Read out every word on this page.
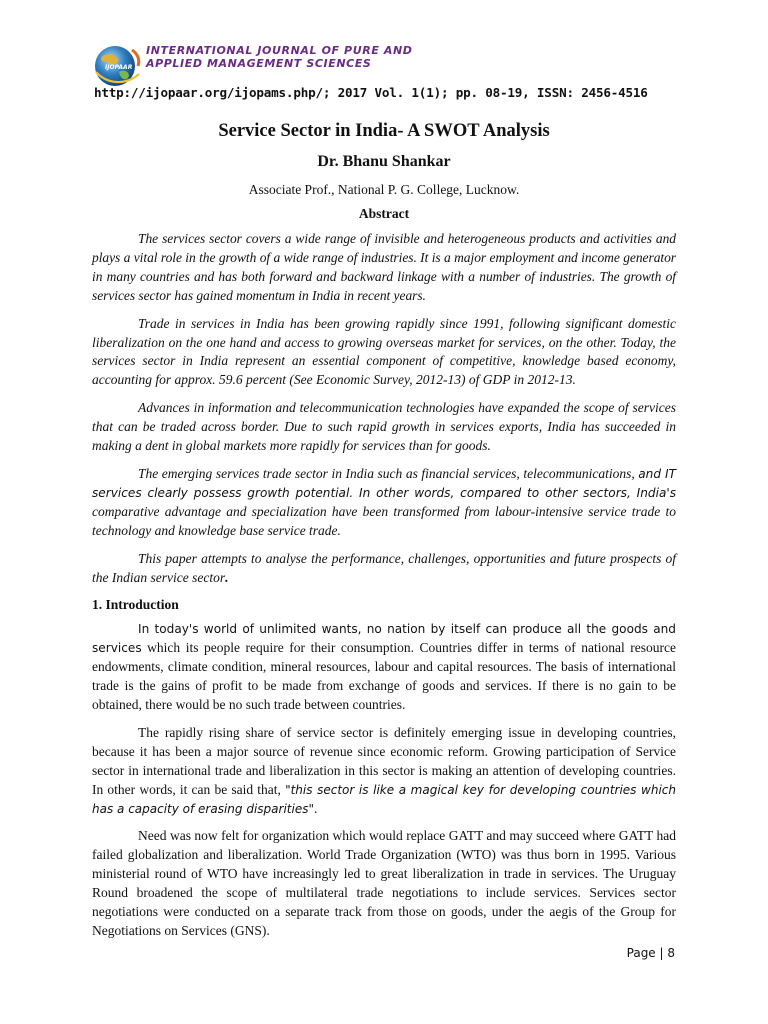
IJOPAAR
INTERNATIONAL JOURNAL OF PURE AND
APPLIED MANAGEMENT SCIENCES
http://ijopaar.org/ijopams.php/; 2017 Vol. 1(1); pp. 08-19, ISSN: 2456-4516
Service Sector in India- A SWOT Analysis
Dr. Bhanu Shankar
Associate Prof., National P. G. College, Lucknow.
Abstract

The services sector covers a wide range of invisible and heterogeneous products and activities and plays a vital role in the growth of a wide range of industries. It is a major employment and income generator in many countries and has both forward and backward linkage with a number of industries. The growth of services sector has gained momentum in India in recent years.

Trade in services in India has been growing rapidly since 1991, following significant domestic liberalization on the one hand and access to growing overseas market for services, on the other. Today, the services sector in India represent an essential component of competitive, knowledge based economy, accounting for approx. 59.6 percent (See Economic Survey, 2012-13) of GDP in 2012-13.

Advances in information and telecommunication technologies have expanded the scope of services that can be traded across border. Due to such rapid growth in services exports, India has succeeded in making a dent in global markets more rapidly for services than for goods.

The emerging services trade sector in India such as financial services, telecommunications, and IT services clearly possess growth potential. In other words, compared to other sectors, India's comparative advantage and specialization have been transformed from labour-intensive service trade to technology and knowledge base service trade.

This paper attempts to analyse the performance, challenges, opportunities and future prospects of the Indian service sector.

1. Introduction

In today's world of unlimited wants, no nation by itself can produce all the goods and services which its people require for their consumption. Countries differ in terms of national resource endowments, climate condition, mineral resources, labour and capital resources. The basis of international trade is the gains of profit to be made from exchange of goods and services. If there is no gain to be obtained, there would be no such trade between countries.

The rapidly rising share of service sector is definitely emerging issue in developing countries, because it has been a major source of revenue since economic reform. Growing participation of Service sector in international trade and liberalization in this sector is making an attention of developing countries. In other words, it can be said that, "this sector is like a magical key for developing countries which has a capacity of erasing disparities".

Need was now felt for organization which would replace GATT and may succeed where GATT had failed globalization and liberalization. World Trade Organization (WTO) was thus born in 1995. Various ministerial round of WTO have increasingly led to great liberalization in trade in services. The Uruguay Round broadened the scope of multilateral trade negotiations to include services. Services sector negotiations were conducted on a separate track from those on goods, under the aegis of the Group for Negotiations on Services (GNS).

Page | 8
